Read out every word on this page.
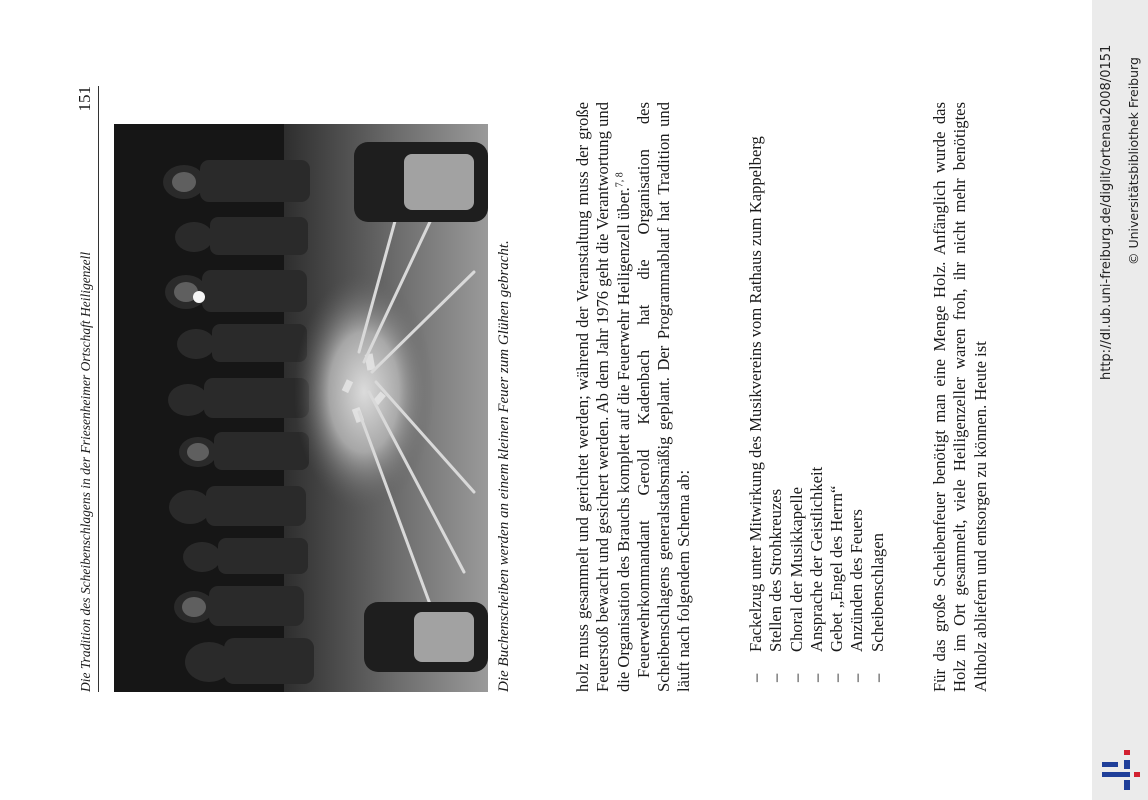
Die Tradition des Scheibenschlagens in der Friesenheimer Ortschaft Heiligenzell
151
Die Buchenscheiben werden an einem kleinen Feuer zum Glühen gebracht.	holz muss gesammelt und gerichtet werden; während der Veranstaltung muss der große Feuerstoß bewacht und gesichert werden. Ab dem Jahr 1976 geht die Verantwortung und die Organisation des Brauchs komplett auf die Feuerwehr Heiligenzell über.$^{7, 8}$ Feuerwehrkommandant Gerold Kadenbach hat die Organisation des Scheibenschlagens generalstabsmäßig geplant. Der Programmablauf hat Tradition und läuft nach folgendem Schema ab:	–
Fackelzug unter Mitwirkung des Musikvereins vom Rathaus zum Kappelberg
–
Stellen des Strohkreuzes
–
Choral der Musikkapelle
–
Ansprache der Geistlichkeit
–
Gebet „Engel des Herrn“
–
Anzünden des Feuers
–
Scheibenschlagen	Für das große Scheibenfeuer benötigt man eine Menge Holz. Anfänglich wurde das Holz im Ort gesammelt, viele Heiligenzeller waren froh, ihr nicht mehr benötigtes Altholz abliefern und entsorgen zu können. Heute ist

http://dl.ub.uni-freiburg.de/diglit/ortenau2008/0151 © Universitätsbibliothek Freiburg
